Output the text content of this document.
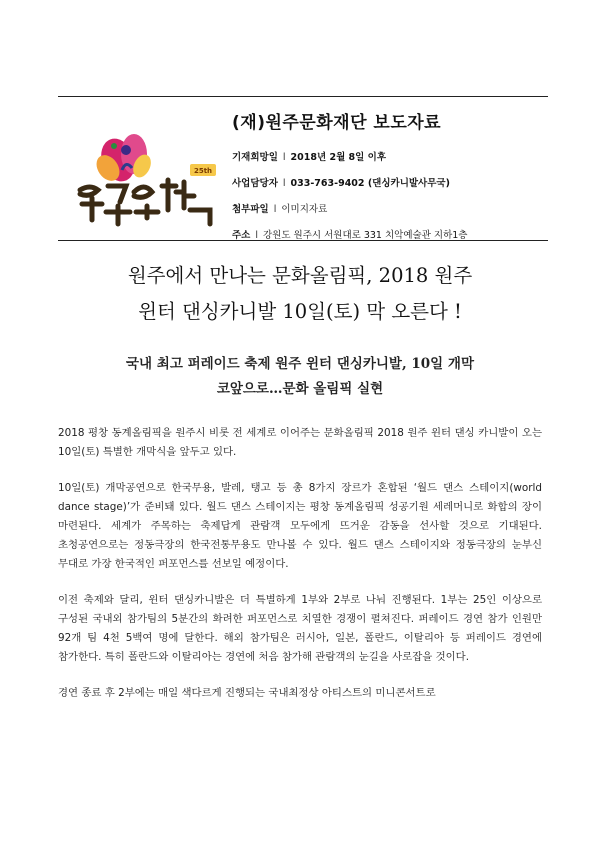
25th
(재)원주문화재단 보도자료
기재희망일 l 2018년 2월 8일 이후
사업담당자 l 033-763-9402 (댄싱카니발사무국)
첨부파일 l 이미지자료
주소 l 강원도 원주시 서원대로 331 치악예술관 지하1층
원주에서 만나는 문화올림픽, 2018 원주
윈터 댄싱카니발 10일(토) 막 오른다 !
국내 최고 퍼레이드 축제 원주 윈터 댄싱카니발, 10일 개막
코앞으로…문화 올림픽 실현

2018 평창 동계올림픽을 원주시 비롯 전 세계로 이어주는 문화올림픽 2018 원주 윈터 댄싱 카니발이 오는 10일(토) 특별한 개막식을 앞두고 있다.

10일(토) 개막공연으로 한국무용, 발레, 탱고 등 총 8가지 장르가 혼합된 ‘월드 댄스 스테이지(world dance stage)’가 준비돼 있다. 월드 댄스 스테이지는 평창 동계올림픽 성공기원 세레머니로 화합의 장이 마련된다. 세계가 주목하는 축제답게 관람객 모두에게 뜨거운 감동을 선사할 것으로 기대된다. 초청공연으로는 정동극장의 한국전통무용도 만나볼 수 있다. 월드 댄스 스테이지와 정동극장의 눈부신 무대로 가장 한국적인 퍼포먼스를 선보일 예정이다.

이전 축제와 달리, 윈터 댄싱카니발은 더 특별하게 1부와 2부로 나눠 진행된다. 1부는 25인 이상으로 구성된 국내외 참가팀의 5분간의 화려한 퍼포먼스로 치열한 경쟁이 펼쳐진다. 퍼레이드 경연 참가 인원만 92개 팀 4천 5백여 명에 달한다. 해외 참가팀은 러시아, 일본, 폴란드, 이탈리아 등 퍼레이드 경연에 참가한다. 특히 폴란드와 이탈리아는 경연에 처음 참가해 관람객의 눈길을 사로잡을 것이다.

경연 종료 후 2부에는 매일 색다르게 진행되는 국내최정상 아티스트의 미니콘서트로
